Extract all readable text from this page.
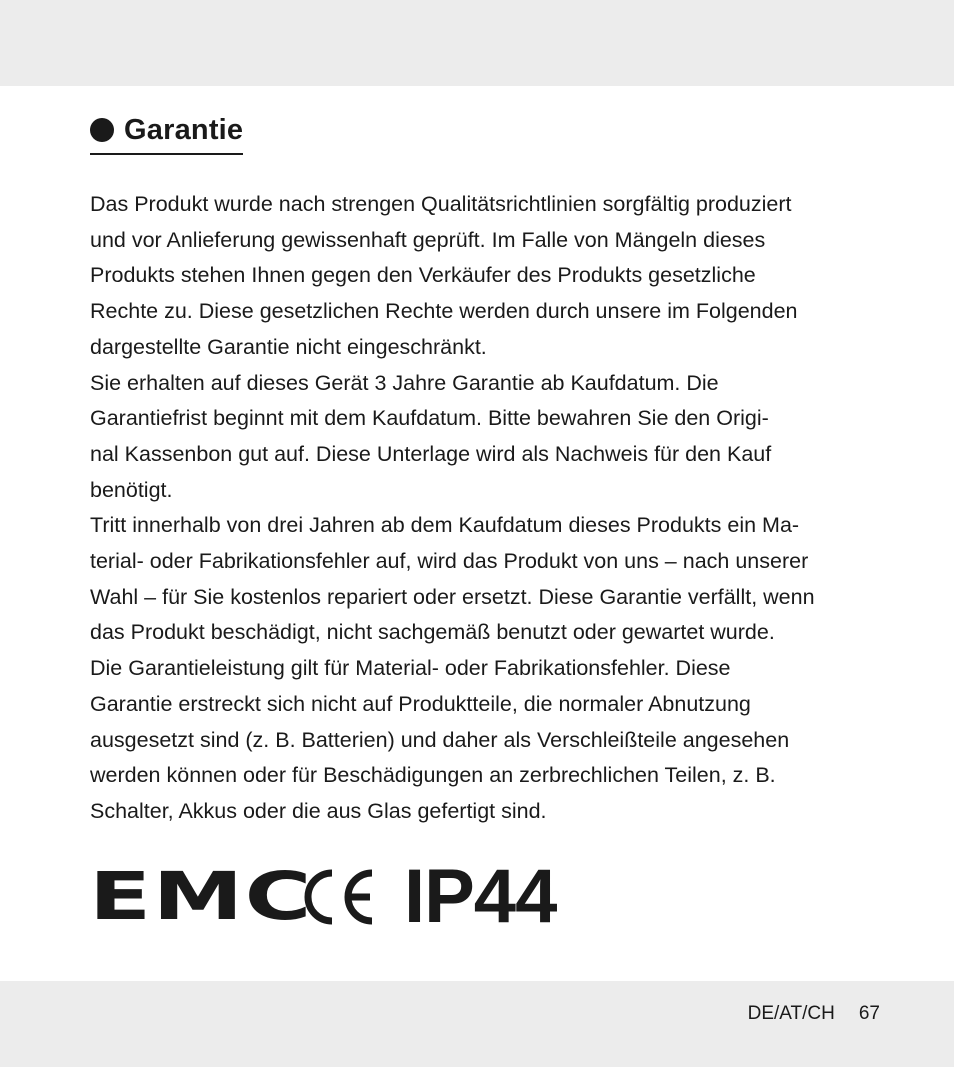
Garantie

Das Produkt wurde nach strengen Qualitätsrichtlinien sorgfältig produziert
und vor Anlieferung gewissenhaft geprüft. Im Falle von Mängeln dieses
Produkts stehen Ihnen gegen den Verkäufer des Produkts gesetzliche
Rechte zu. Diese gesetzlichen Rechte werden durch unsere im Folgenden
dargestellte Garantie nicht eingeschränkt.
Sie erhalten auf dieses Gerät 3 Jahre Garantie ab Kaufdatum. Die
Garantiefrist beginnt mit dem Kaufdatum. Bitte bewahren Sie den Origi-
nal Kassenbon gut auf. Diese Unterlage wird als Nachweis für den Kauf
benötigt.
Tritt innerhalb von drei Jahren ab dem Kaufdatum dieses Produkts ein Ma-
terial- oder Fabrikationsfehler auf, wird das Produkt von uns – nach unserer
Wahl – für Sie kostenlos repariert oder ersetzt. Diese Garantie verfällt, wenn
das Produkt beschädigt, nicht sachgemäß benutzt oder gewartet wurde.
Die Garantieleistung gilt für Material- oder Fabrikationsfehler. Diese
Garantie erstreckt sich nicht auf Produktteile, die normaler Abnutzung
ausgesetzt sind (z. B. Batterien) und daher als Verschleißteile angesehen
werden können oder für Beschädigungen an zerbrechlichen Teilen, z. B.
Schalter, Akkus oder die aus Glas gefertigt sind.

EMC	IP44
DE/AT/CH 67
